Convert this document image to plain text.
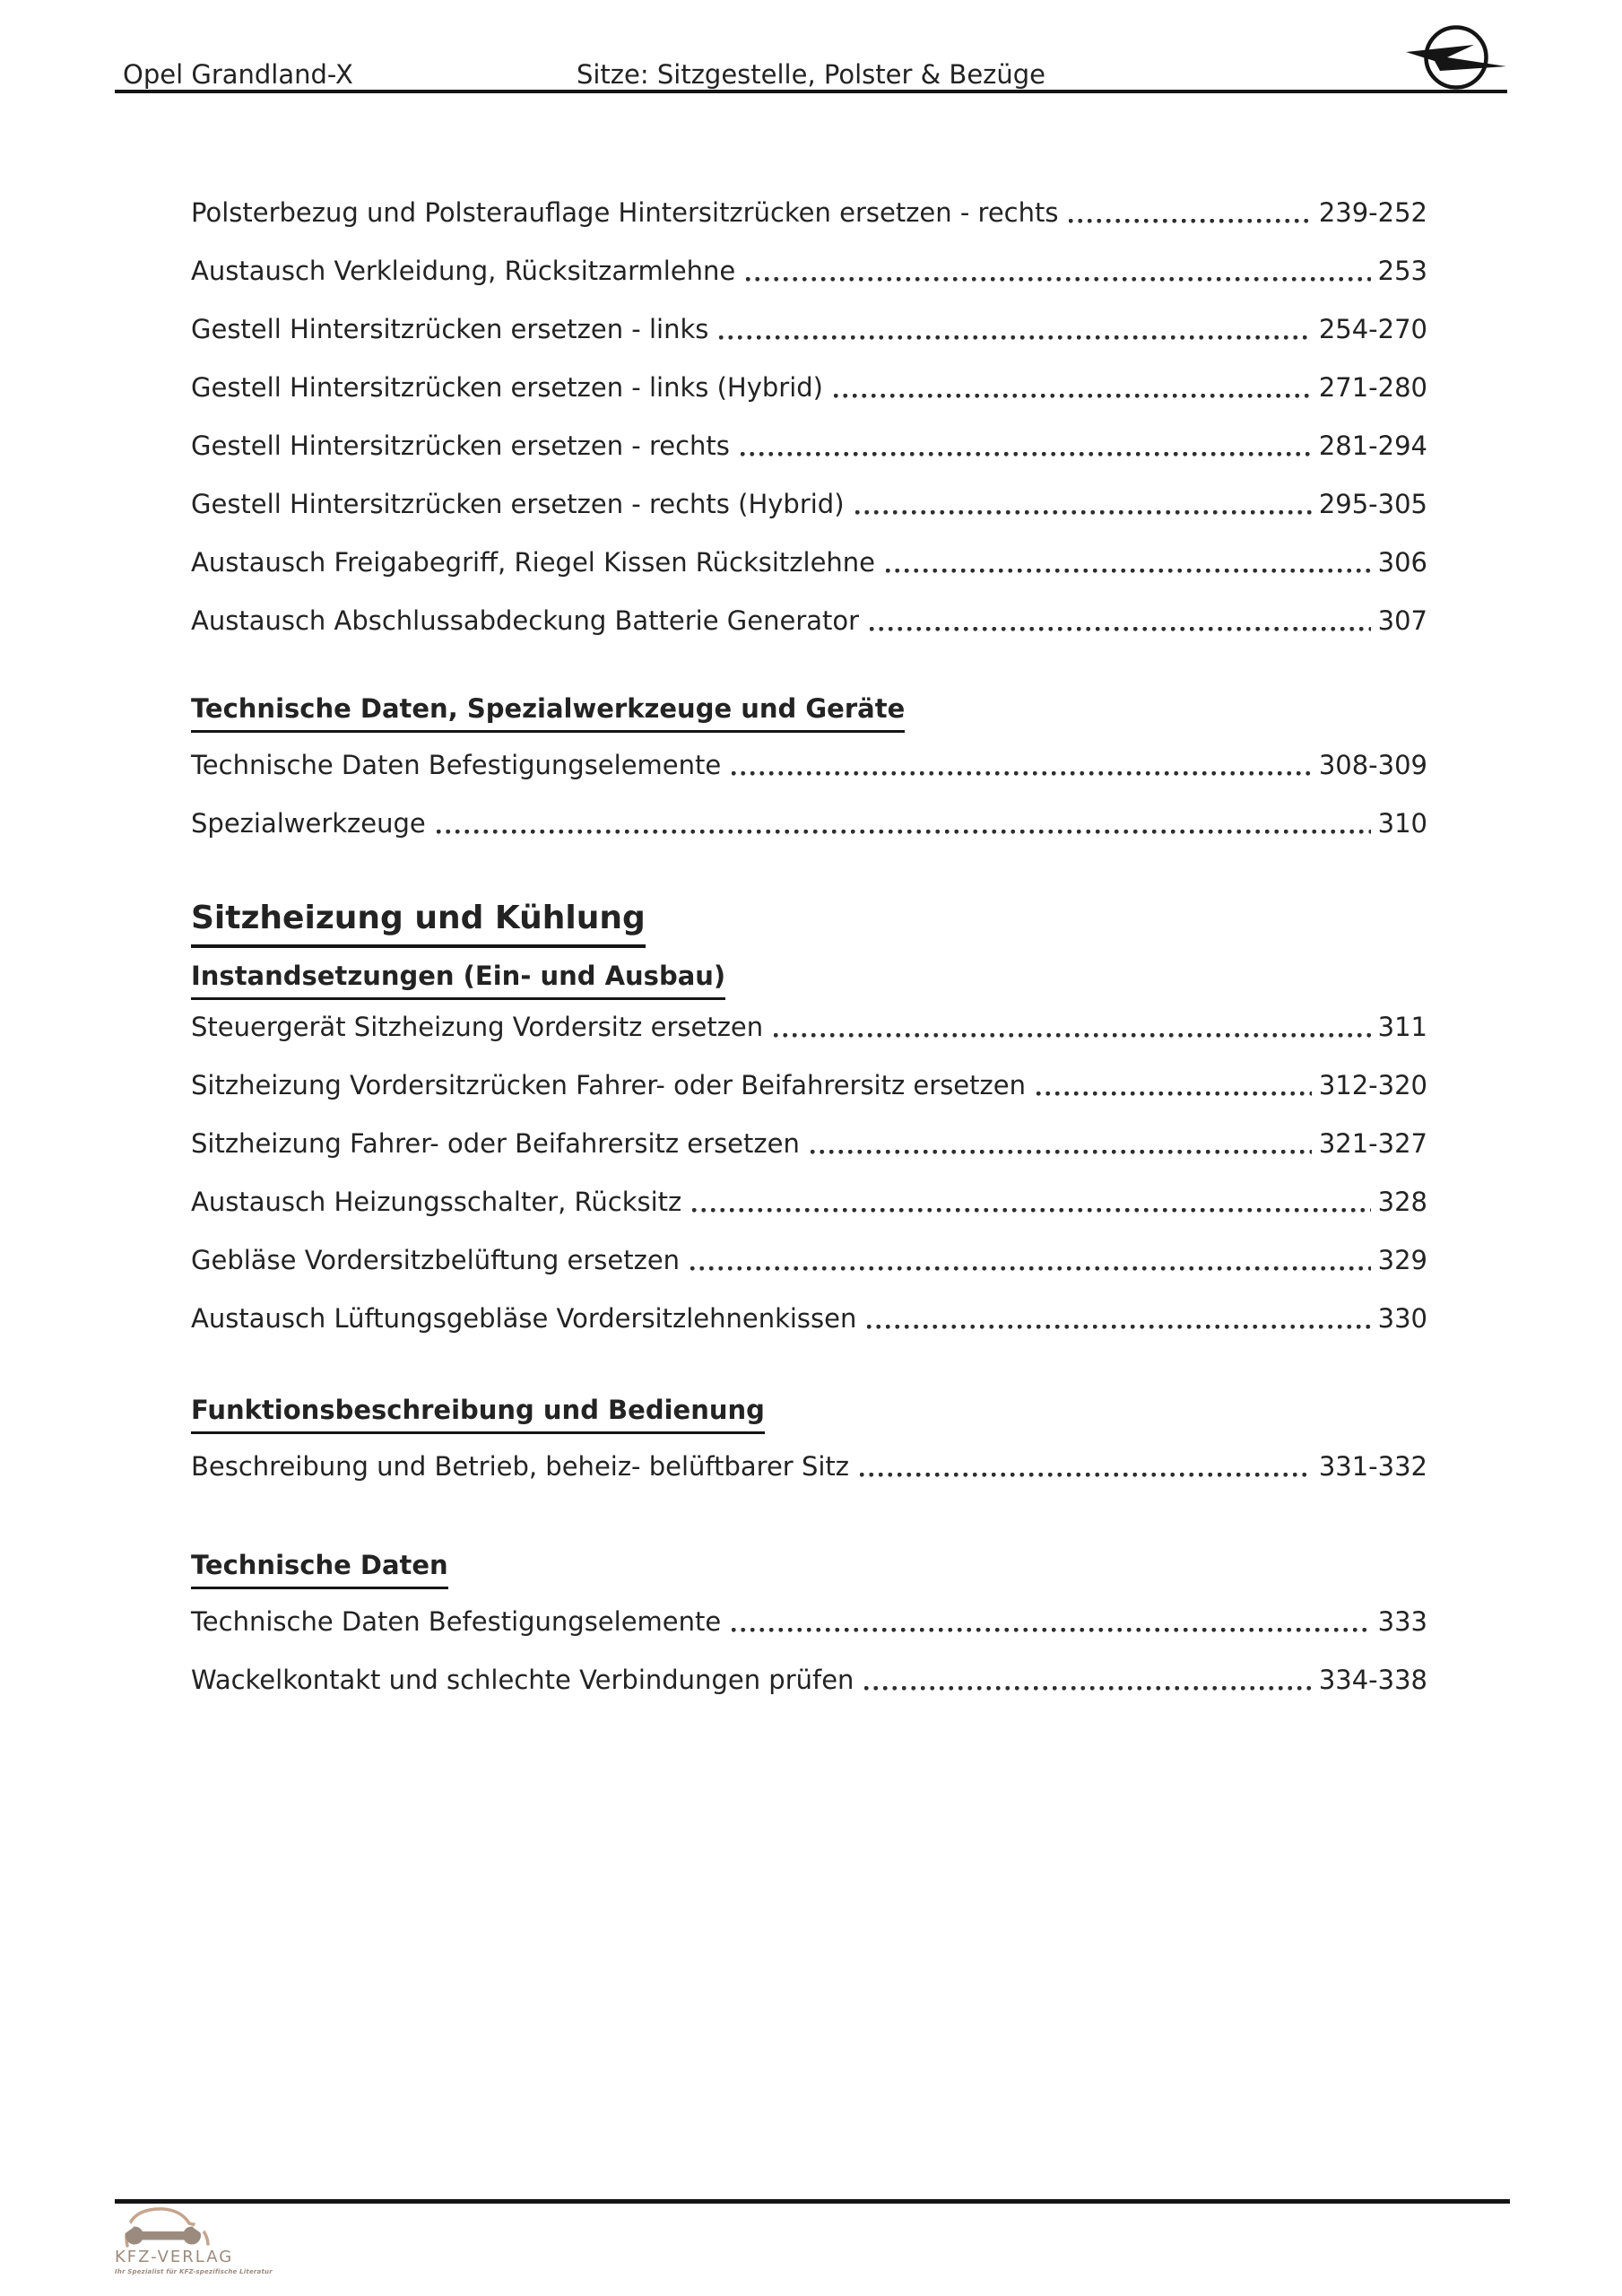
Opel Grandland-X	Sitze: Sitzgestelle, Polster & Bezüge
Polsterbezug und Polsterauflage Hintersitzrücken ersetzen - rechts	239-252
Austausch Verkleidung, Rücksitzarmlehne	253
Gestell Hintersitzrücken ersetzen - links	254-270
Gestell Hintersitzrücken ersetzen - links (Hybrid)	271-280
Gestell Hintersitzrücken ersetzen - rechts	281-294
Gestell Hintersitzrücken ersetzen - rechts (Hybrid)	295-305
Austausch Freigabegriff, Riegel Kissen Rücksitzlehne	306
Austausch Abschlussabdeckung Batterie Generator	307
Technische Daten, Spezialwerkzeuge und Geräte
Technische Daten Befestigungselemente	308-309
Spezialwerkzeuge	310
Sitzheizung und Kühlung
Instandsetzungen (Ein- und Ausbau)
Steuergerät Sitzheizung Vordersitz ersetzen	311
Sitzheizung Vordersitzrücken Fahrer- oder Beifahrersitz ersetzen	312-320
Sitzheizung Fahrer- oder Beifahrersitz ersetzen	321-327
Austausch Heizungsschalter, Rücksitz	328
Gebläse Vordersitzbelüftung ersetzen	329
Austausch Lüftungsgebläse Vordersitzlehnenkissen	330
Funktionsbeschreibung und Bedienung
Beschreibung und Betrieb, beheiz- belüftbarer Sitz	331-332
Technische Daten
Technische Daten Befestigungselemente	333
Wackelkontakt und schlechte Verbindungen prüfen	334-338
KFZ-VERLAG
Ihr Spezialist für KFZ-spezifische Literatur
